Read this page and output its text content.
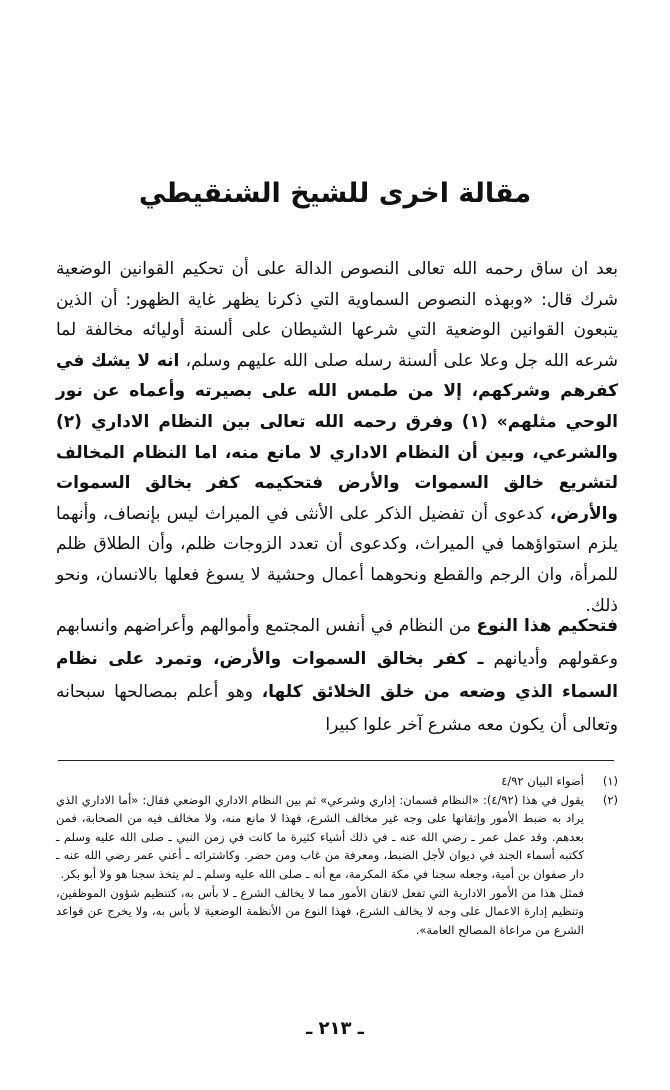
مقالة اخرى للشيخ الشنقيطي

بعد ان ساق رحمه الله تعالى النصوص الدالة على أن تحكيم القوانين الوضعية شرك قال: «وبهذه النصوص السماوية التي ذكرنا يظهر غاية الظهور: أن الذين يتبعون القوانين الوضعية التي شرعها الشيطان على ألسنة أوليائه مخالفة لما شرعه الله جل وعلا على ألسنة رسله صلى الله عليهم وسلم، انه لا يشك في كفرهم وشركهم، إلا من طمس الله على بصيرته وأعماه عن نور الوحي مثلهم» (١) وفرق رحمه الله تعالى بين النظام الاداري (٢) والشرعي، وبين أن النظام الاداري لا مانع منه، اما النظام المخالف لتشريع خالق السموات والأرض فتحكيمه كفر بخالق السموات والأرض، كدعوى أن تفضيل الذكر على الأنثى في الميراث ليس بإنصاف، وأنهما يلزم استواؤهما في الميراث، وكدعوى أن تعدد الزوجات ظلم، وأن الطلاق ظلم للمرأة، وان الرجم والقطع ونحوهما أعمال وحشية لا يسوغ فعلها بالانسان، ونحو ذلك.

فتحكيم هذا النوع من النظام في أنفس المجتمع وأموالهم وأعراضهم وانسابهم وعقولهم وأديانهم ـ كفر بخالق السموات والأرض، وتمرد على نظام السماء الذي وضعه من خلق الخلائق كلها، وهو أعلم بمصالحها سبحانه وتعالى أن يكون معه مشرع آخر علوا كبيرا

(١)
أضواء البيان ٤/٩٢
(٢)

يقول في هذا (٤/٩٢): «النظام قسمان: إداري وشرعي» ثم بين النظام الاداري الوضعي فقال: «أما الاداري الذي يراد به ضبط الأمور وإتقانها على وجه غير مخالف الشرع، فهذا لا مانع منه، ولا مخالف فيه من الصحابة، فمن بعدهم. وقد عمل عمر ـ رضي الله عنه ـ في ذلك أشياء كثيرة ما كانت في زمن النبي ـ صلى الله عليه وسلم ـ ككتبه أسماء الجند في ديوان لأجل الضبط، ومعرفة من غاب ومن حضر. وكاشترائه ـ أعني عمر رضي الله عنه ـ دار صفوان بن أمية، وجعله سجنا في مكة المكرمة، مع أنه ـ صلى الله عليه وسلم ـ لم يتخذ سجنا هو ولا أبو بكر.

فمثل هذا من الأمور الادارية التي تفعل لاتقان الأمور مما لا يخالف الشرع ـ لا بأس به، كتنظيم شؤون الموظفين، وتنظيم إدارة الاعمال على وجه لا يخالف الشرع، فهذا النوع من الأنظمة الوضعية لا بأس به، ولا يخرج عن قواعد الشرع من مراعاة المصالح العامة».

ـ ٢١٣ ـ
